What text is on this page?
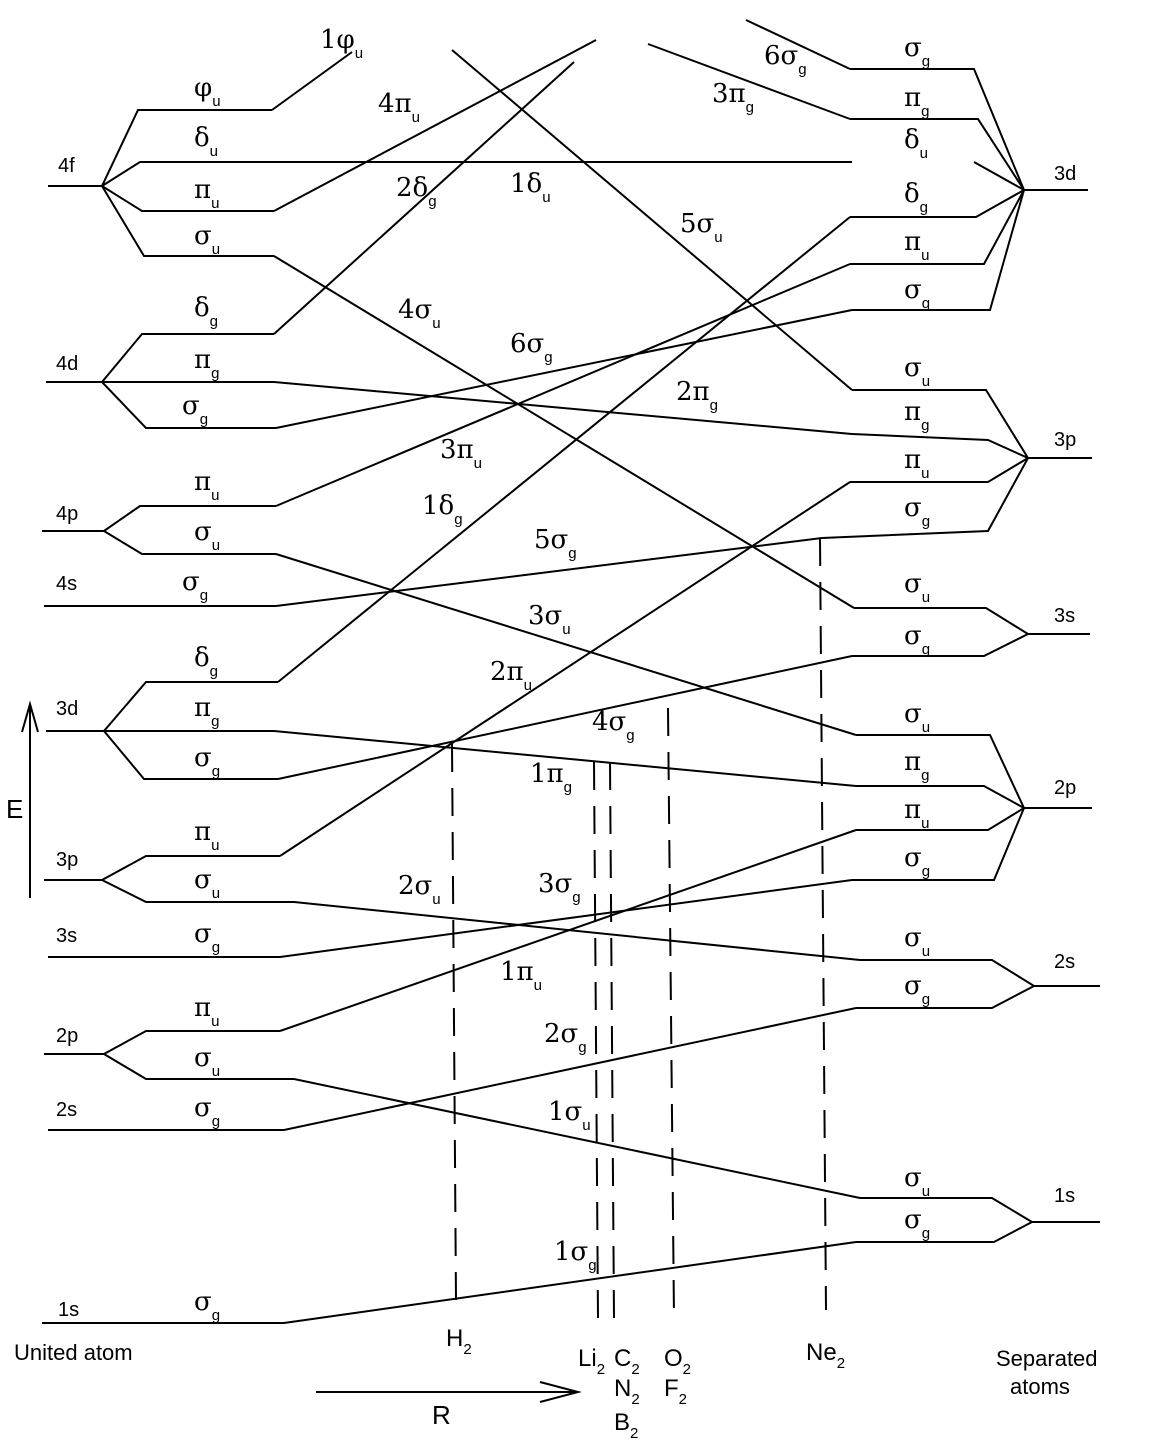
E
R
4f
4d
4p
4s
3d
3p
3s
2p
2s
1s
3d
3p
3s
2p
2s
1s
$\varphi_u$
$\delta_u$
$\pi_u$
$\sigma_u$
$\delta_g$
$\pi_g$
$\sigma_g$
$\pi_u$
$\sigma_u$
$\sigma_g$
$\delta_g$
$\pi_g$
$\sigma_g$
$\pi_u$
$\sigma_u$
$\sigma_g$
$\pi_u$
$\sigma_u$
$\sigma_g$
$\sigma_g$
$\sigma_g$
$\pi_g$
$\delta_u$
$\delta_g$
$\pi_u$
$\sigma_g$
$\sigma_u$
$\pi_g$
$\pi_u$
$\sigma_g$
$\sigma_u$
$\sigma_g$
$\sigma_u$
$\pi_g$
$\pi_u$
$\sigma_g$
$\sigma_u$
$\sigma_g$
$\sigma_u$
$\sigma_g$
$1\varphi_u$	$6\sigma_g$
$3\pi_g$
$4\pi_u$
$2\delta_g$
$1\delta_u$
$5\sigma_u$
$4\sigma_u$
$6\sigma_g$
$2\pi_g$
$3\pi_u$
$1\delta_g$
$5\sigma_g$
$3\sigma_u$
$2\pi_u$
$4\sigma_g$
$1\pi_g$
$2\sigma_u$
$3\sigma_g$
$1\pi_u$
$2\sigma_g$
$1\sigma_u$
$1\sigma_g$
$H_2$	$Li_2$ $C_2$
$N_2$
$B_2$
$O_2$
$F_2$
$Ne_2$
United atom	Separated
atoms
